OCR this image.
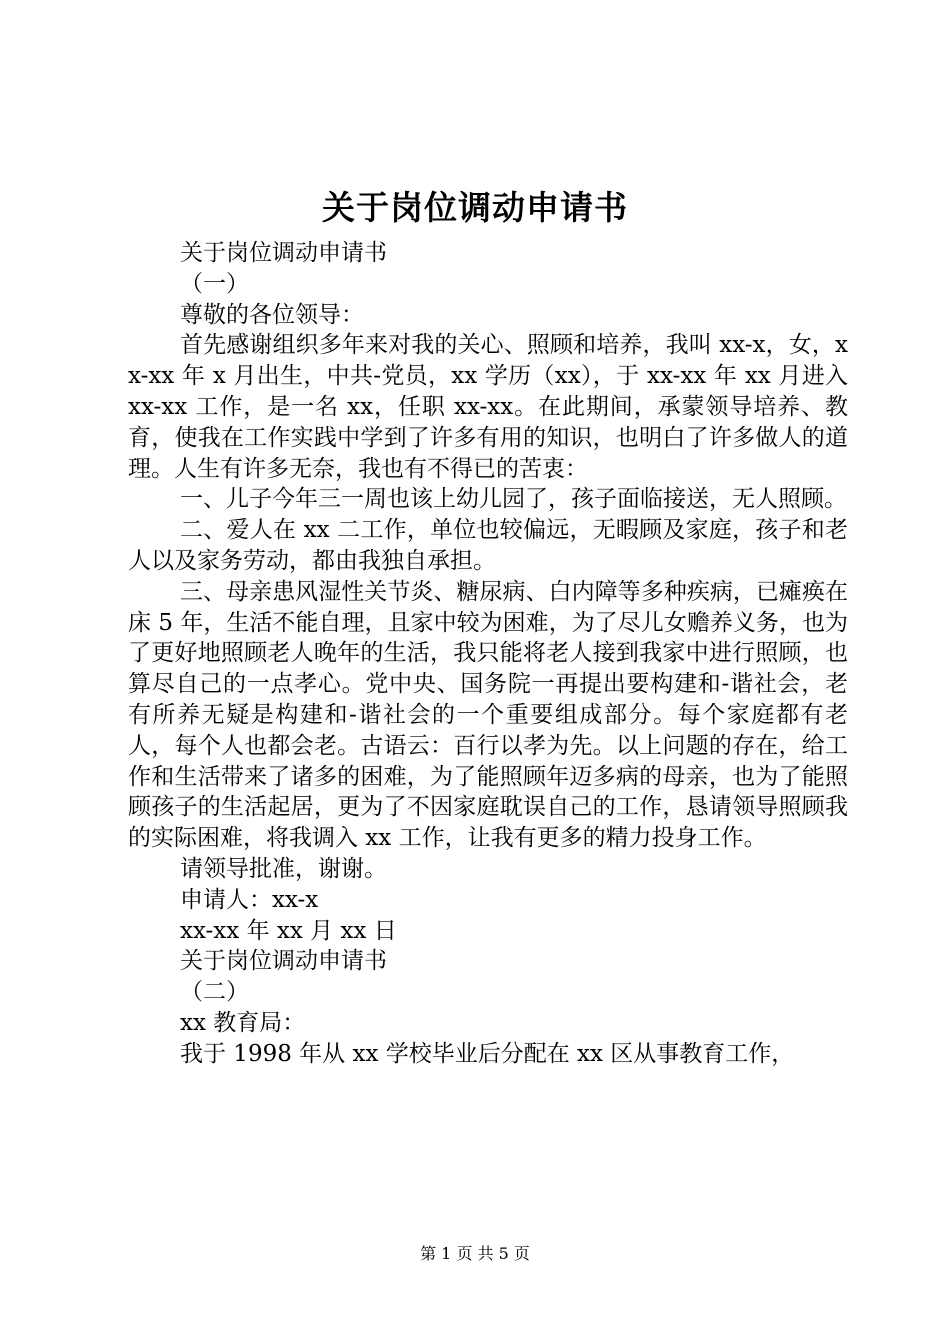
关于岗位调动申请书

关于岗位调动申请书

（一）

尊敬的各位领导：

首先感谢组织多年来对我的关心、照顾和培养，我叫 xx-x，女，xx-xx 年 x 月出生，中共-党员，xx 学历（xx），于 xx-xx 年 xx 月进入 xx-xx 工作，是一名 xx，任职 xx-xx。在此期间，承蒙领导培养、教育，使我在工作实践中学到了许多有用的知识，也明白了许多做人的道理。人生有许多无奈，我也有不得已的苦衷：

一、儿子今年三一周也该上幼儿园了，孩子面临接送，无人照顾。

二、爱人在 xx 二工作，单位也较偏远，无暇顾及家庭，孩子和老人以及家务劳动，都由我独自承担。

三、母亲患风湿性关节炎、糖尿病、白内障等多种疾病，已瘫痪在床 5 年，生活不能自理，且家中较为困难，为了尽儿女赡养义务，也为了更好地照顾老人晚年的生活，我只能将老人接到我家中进行照顾，也算尽自己的一点孝心。党中央、国务院一再提出要构建和-谐社会，老有所养无疑是构建和-谐社会的一个重要组成部分。每个家庭都有老人，每个人也都会老。古语云：百行以孝为先。以上问题的存在，给工作和生活带来了诸多的困难，为了能照顾年迈多病的母亲，也为了能照顾孩子的生活起居，更为了不因家庭耽误自己的工作，恳请领导照顾我的实际困难，将我调入 xx 工作，让我有更多的精力投身工作。

请领导批准，谢谢。

申请人：xx-x

xx-xx 年 xx 月 xx 日

关于岗位调动申请书

（二）

xx 教育局：

我于 1998 年从 xx 学校毕业后分配在 xx 区从事教育工作，

第 1 页 共 5 页
